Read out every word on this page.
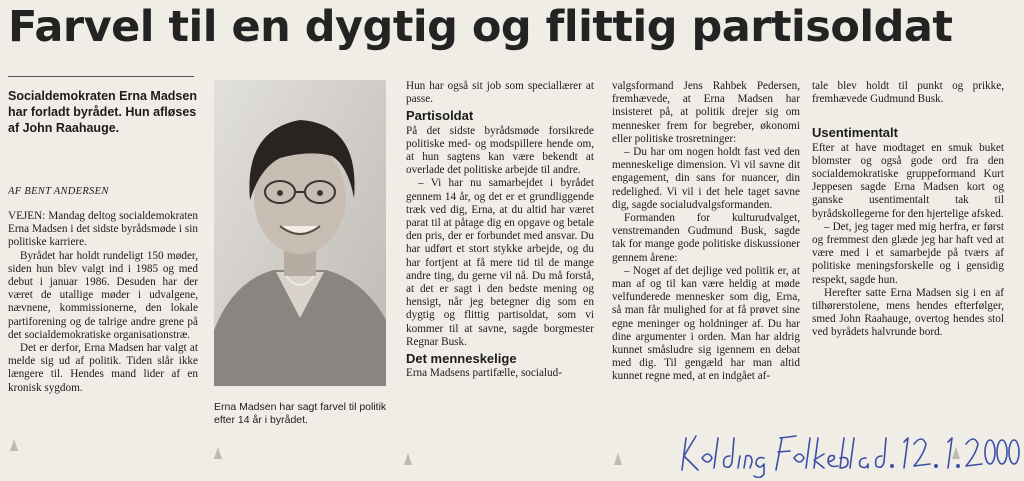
Farvel til en dygtig og flittig partisoldat
Socialdemokraten Erna Madsen har forladt byrådet. Hun afløses af John Raahauge.
AF BENT ANDERSEN

VEJEN: Mandag deltog socialdemokraten Erna Madsen i det sidste byrådsmøde i sin politiske karriere.

Byrådet har holdt rundeligt 150 møder, siden hun blev valgt ind i 1985 og med debut i januar 1986. Desuden har der været de utallige møder i udvalgene, nævnene, kommissionerne, den lokale partiforening og de talrige andre grene på det socialdemokratiske organisationstræ.

Det er derfor, Erna Madsen har valgt at melde sig ud af politik. Tiden slår ikke længere til. Hendes mand lider af en kronisk sygdom.

Erna Madsen har sagt farvel til politik efter 14 år i byrådet.

Hun har også sit job som speciallærer at passe.

Partisoldat

På det sidste byrådsmøde forsikrede politiske med- og modspillere hende om, at hun sagtens kan være bekendt at overlade det politiske arbejde til andre.

– Vi har nu samarbejdet i byrådet gennem 14 år, og det er et grundliggende træk ved dig, Erna, at du altid har været parat til at påtage dig en opgave og betale den pris, der er forbundet med ansvar. Du har udført et stort stykke arbejde, og du har fortjent at få mere tid til de mange andre ting, du gerne vil nå. Du må forstå, at det er sagt i den bedste mening og hensigt, når jeg betegner dig som en dygtig og flittig partisoldat, som vi kommer til at savne, sagde borgmester Regnar Busk.

Det menneskelige

Erna Madsens partifælle, socialud-

valgsformand Jens Rahbek Pedersen, fremhævede, at Erna Madsen har insisteret på, at politik drejer sig om mennesker frem for begreber, økonomi eller politiske trosretninger:

– Du har om nogen holdt fast ved den menneskelige dimension. Vi vil savne dit engagement, din sans for nuancer, din redelighed. Vi vil i det hele taget savne dig, sagde socialudvalgsformanden.

Formanden for kulturudvalget, venstremanden Gudmund Busk, sagde tak for mange gode politiske diskussioner gennem årene:

– Noget af det dejlige ved politik er, at man af og til kan være heldig at møde velfunderede mennesker som dig, Erna, så man får mulighed for at få prøvet sine egne meninger og holdninger af. Du har dine argumenter i orden. Man har aldrig kunnet småsludre sig igennem en debat med dig. Til gengæld har man altid kunnet regne med, at en indgået af-

tale blev holdt til punkt og prikke, fremhævede Gudmund Busk.

Usentimentalt

Efter at have modtaget en smuk buket blomster og også gode ord fra den socialdemokratiske gruppeformand Kurt Jeppesen sagde Erna Madsen kort og ganske usentimentalt tak til byrådskollegerne for den hjertelige afsked.

– Det, jeg tager med mig herfra, er først og fremmest den glæde jeg har haft ved at være med i et samarbejde på tværs af politiske meningsforskelle og i gensidig respekt, sagde hun.

Herefter satte Erna Madsen sig i en af tilhørerstolene, mens hendes efterfølger, smed John Raahauge, overtog hendes stol ved byrådets halvrunde bord.
